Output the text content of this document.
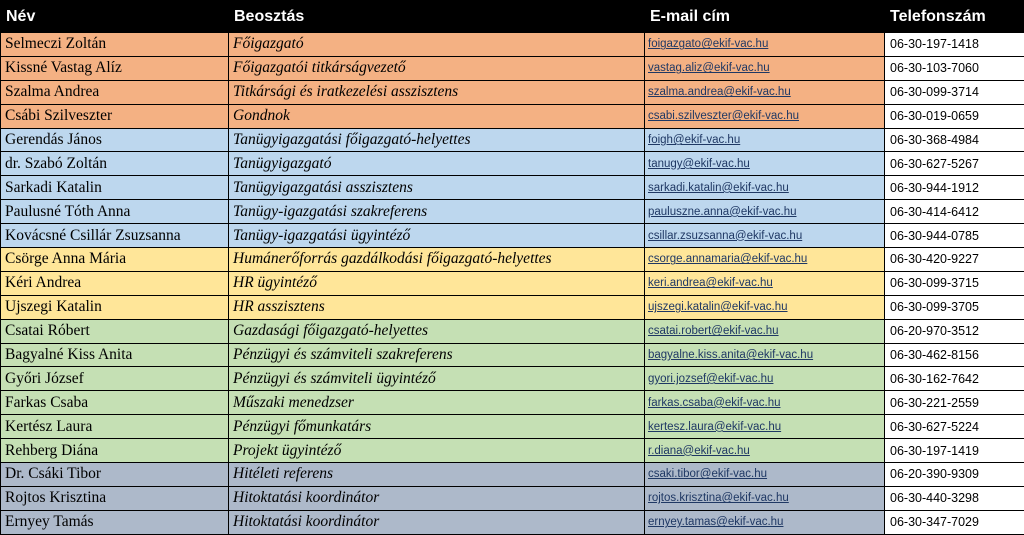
Név	Beosztás	E-mail cím	Telefonszám
Selmeczi Zoltán	Főigazgató	foigazgato@ekif-vac.hu	06-30-197-1418
Kissné Vastag Alíz	Főigazgatói titkárságvezető	vastag.aliz@ekif-vac.hu	06-30-103-7060
Szalma Andrea	Titkársági és iratkezelési asszisztens	szalma.andrea@ekif-vac.hu	06-30-099-3714
Csábi Szilveszter	Gondnok	csabi.szilveszter@ekif-vac.hu	06-30-019-0659
Gerendás János	Tanügyigazgatási főigazgató-helyettes	foigh@ekif-vac.hu	06-30-368-4984
dr. Szabó Zoltán	Tanügyigazgató	tanugy@ekif-vac.hu	06-30-627-5267
Sarkadi Katalin	Tanügyigazgatási asszisztens	sarkadi.katalin@ekif-vac.hu	06-30-944-1912
Paulusné Tóth Anna	Tanügy-igazgatási szakreferens	pauluszne.anna@ekif-vac.hu	06-30-414-6412
Kovácsné Csillár Zsuzsanna	Tanügy-igazgatási ügyintéző	csillar.zsuzsanna@ekif-vac.hu	06-30-944-0785
Csörge Anna Mária	Humánerőforrás gazdálkodási főigazgató-helyettes	csorge.annamaria@ekif-vac.hu	06-30-420-9227
Kéri Andrea	HR ügyintéző	keri.andrea@ekif-vac.hu	06-30-099-3715
Ujszegi Katalin	HR asszisztens	ujszegi.katalin@ekif-vac.hu	06-30-099-3705
Csatai Róbert	Gazdasági főigazgató-helyettes	csatai.robert@ekif-vac.hu	06-20-970-3512
Bagyalné Kiss Anita	Pénzügyi és számviteli szakreferens	bagyalne.kiss.anita@ekif-vac.hu	06-30-462-8156
Győri József	Pénzügyi és számviteli ügyintéző	gyori.jozsef@ekif-vac.hu	06-30-162-7642
Farkas Csaba	Műszaki menedzser	farkas.csaba@ekif-vac.hu	06-30-221-2559
Kertész Laura	Pénzügyi főmunkatárs	kertesz.laura@ekif-vac.hu	06-30-627-5224
Rehberg Diána	Projekt ügyintéző	r.diana@ekif-vac.hu	06-30-197-1419
Dr. Csáki Tibor	Hitéleti referens	csaki.tibor@ekif-vac.hu	06-20-390-9309
Rojtos Krisztina	Hitoktatási koordinátor	rojtos.krisztina@ekif-vac.hu	06-30-440-3298
Ernyey Tamás	Hitoktatási koordinátor	ernyey.tamas@ekif-vac.hu	06-30-347-7029
